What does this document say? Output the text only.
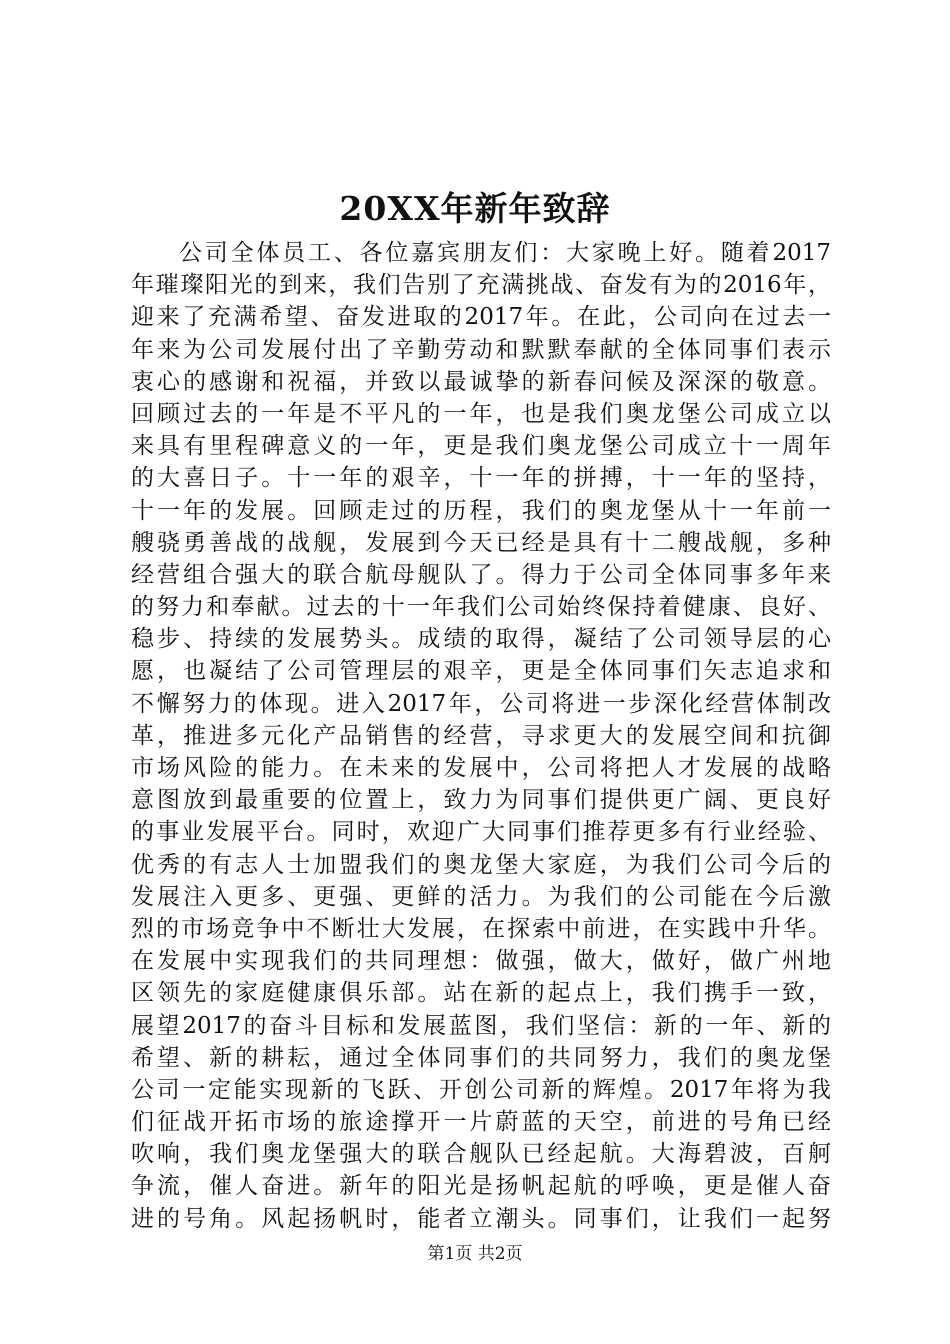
20XX年新年致辞
公司全体员工、各位嘉宾朋友们：大家晚上好。随着2017
年璀璨阳光的到来，我们告别了充满挑战、奋发有为的2016年，
迎来了充满希望、奋发进取的2017年。在此，公司向在过去一
年来为公司发展付出了辛勤劳动和默默奉献的全体同事们表示
衷心的感谢和祝福，并致以最诚挚的新春问候及深深的敬意。
回顾过去的一年是不平凡的一年，也是我们奥龙堡公司成立以
来具有里程碑意义的一年，更是我们奥龙堡公司成立十一周年
的大喜日子。十一年的艰辛，十一年的拼搏，十一年的坚持，
十一年的发展。回顾走过的历程，我们的奥龙堡从十一年前一
艘骁勇善战的战舰，发展到今天已经是具有十二艘战舰，多种
经营组合强大的联合航母舰队了。得力于公司全体同事多年来
的努力和奉献。过去的十一年我们公司始终保持着健康、良好、
稳步、持续的发展势头。成绩的取得，凝结了公司领导层的心
愿，也凝结了公司管理层的艰辛，更是全体同事们矢志追求和
不懈努力的体现。进入2017年，公司将进一步深化经营体制改
革，推进多元化产品销售的经营，寻求更大的发展空间和抗御
市场风险的能力。在未来的发展中，公司将把人才发展的战略
意图放到最重要的位置上，致力为同事们提供更广阔、更良好
的事业发展平台。同时，欢迎广大同事们推荐更多有行业经验、
优秀的有志人士加盟我们的奥龙堡大家庭，为我们公司今后的
发展注入更多、更强、更鲜的活力。为我们的公司能在今后激
烈的市场竞争中不断壮大发展，在探索中前进，在实践中升华。
在发展中实现我们的共同理想：做强，做大，做好，做广州地
区领先的家庭健康俱乐部。站在新的起点上，我们携手一致，
展望2017的奋斗目标和发展蓝图，我们坚信：新的一年、新的
希望、新的耕耘，通过全体同事们的共同努力，我们的奥龙堡
公司一定能实现新的飞跃、开创公司新的辉煌。2017年将为我
们征战开拓市场的旅途撑开一片蔚蓝的天空，前进的号角已经
吹响，我们奥龙堡强大的联合舰队已经起航。大海碧波，百舸
争流，催人奋进。新年的阳光是扬帆起航的呼唤，更是催人奋
进的号角。风起扬帆时，能者立潮头。同事们，让我们一起努
第1页 共2页
